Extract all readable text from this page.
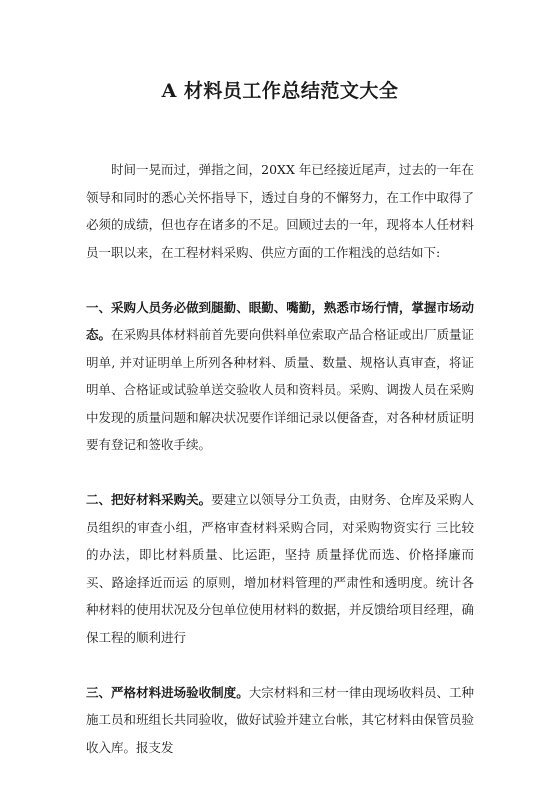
A 材料员工作总结范文大全

时间一晃而过，弹指之间，20XX 年已经接近尾声，过去的一年在领导和同时的悉心关怀指导下，透过自身的不懈努力，在工作中取得了必须的成绩，但也存在诸多的不足。回顾过去的一年，现将本人任材料员一职以来，在工程材料采购、供应方面的工作粗浅的总结如下:

一、采购人员务必做到腿勤、眼勤、嘴勤，熟悉市场行情，掌握市场动态。在采购具体材料前首先要向供料单位索取产品合格证或出厂质量证明单, 并对证明单上所列各种材料、质量、数量、规格认真审查，将证明单、合格证或试验单送交验收人员和资料员。采购、调拨人员在采购中发现的质量问题和解决状况要作详细记录以便备查，对各种材质证明要有登记和签收手续。

二、把好材料采购关。要建立以领导分工负责，由财务、仓库及采购人员组织的审查小组，严格审查材料采购合同，对采购物资实行 三比较 的办法，即比材料质量、比运距，坚持 质量择优而选、价格择廉而买、路途择近而运 的原则，增加材料管理的严肃性和透明度。统计各种材料的使用状况及分包单位使用材料的数据，并反馈给项目经理，确保工程的顺利进行

三、严格材料进场验收制度。大宗材料和三材一律由现场收料员、工种施工员和班组长共同验收，做好试验并建立台帐，其它材料由保管员验收入库。报支发
